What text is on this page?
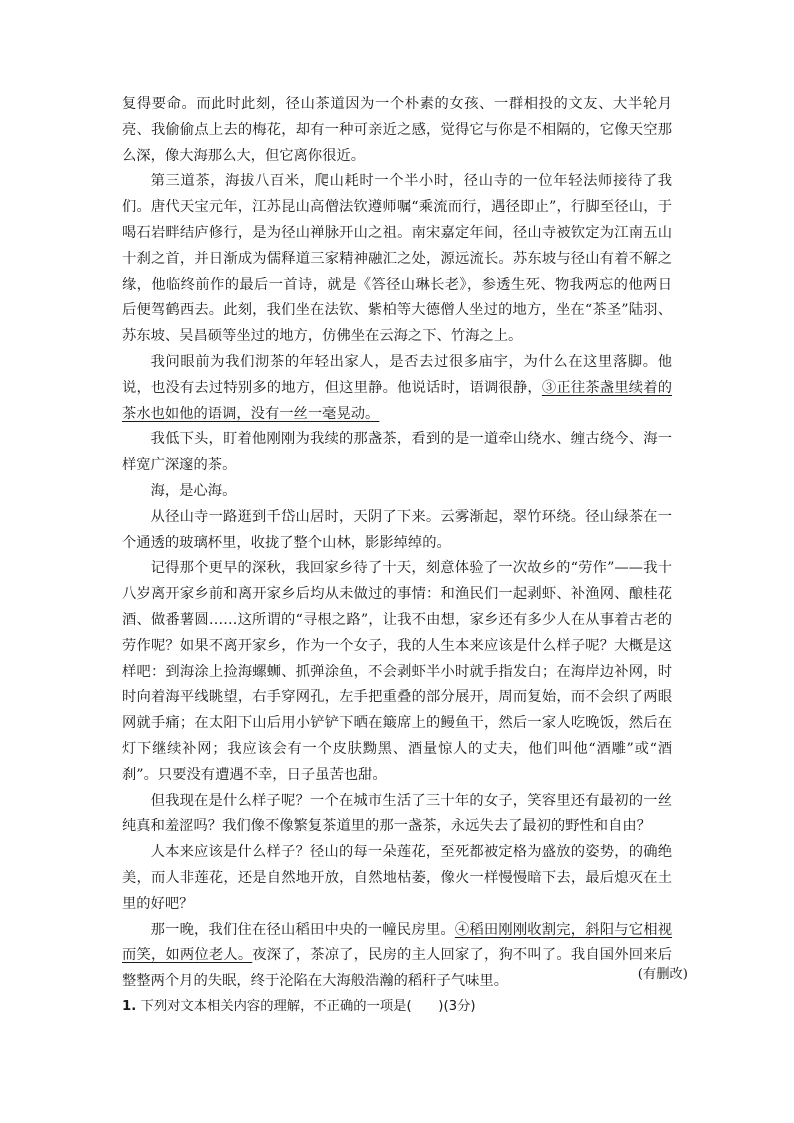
复得要命。而此时此刻，径山茶道因为一个朴素的女孩、一群相投的文友、大半轮月亮、我偷偷点上去的梅花，却有一种可亲近之感，觉得它与你是不相隔的，它像天空那么深，像大海那么大，但它离你很近。

第三道茶，海拔八百米，爬山耗时一个半小时，径山寺的一位年轻法师接待了我们。唐代天宝元年，江苏昆山高僧法钦遵师嘱“乘流而行，遇径即止”，行脚至径山，于喝石岩畔结庐修行，是为径山禅脉开山之祖。南宋嘉定年间，径山寺被钦定为江南五山十刹之首，并日渐成为儒释道三家精神融汇之处，源远流长。苏东坡与径山有着不解之缘，他临终前作的最后一首诗，就是《答径山琳长老》，参透生死、物我两忘的他两日后便驾鹤西去。此刻，我们坐在法钦、紫柏等大德僧人坐过的地方，坐在“茶圣”陆羽、苏东坡、吴昌硕等坐过的地方，仿佛坐在云海之下、竹海之上。

我问眼前为我们沏茶的年轻出家人，是否去过很多庙宇，为什么在这里落脚。他说，也没有去过特别多的地方，但这里静。他说话时，语调很静，③正往茶盏里续着的茶水也如他的语调，没有一丝一毫晃动。

我低下头，盯着他刚刚为我续的那盏茶，看到的是一道牵山绕水、缠古绕今、海一样宽广深邃的茶。

海，是心海。

从径山寺一路逛到千岱山居时，天阴了下来。云雾渐起，翠竹环绕。径山绿茶在一个通透的玻璃杯里，收拢了整个山林，影影绰绰的。

记得那个更早的深秋，我回家乡待了十天，刻意体验了一次故乡的“劳作”——我十八岁离开家乡前和离开家乡后均从未做过的事情：和渔民们一起剥虾、补渔网、酿桂花酒、做番薯圆……这所谓的“寻根之路”，让我不由想，家乡还有多少人在从事着古老的劳作呢？如果不离开家乡，作为一个女子，我的人生本来应该是什么样子呢？大概是这样吧：到海涂上捡海螺蛳、抓弹涂鱼，不会剥虾半小时就手指发白；在海岸边补网，时时向着海平线眺望，右手穿网孔，左手把重叠的部分展开，周而复始，而不会织了两眼网就手痛；在太阳下山后用小铲铲下晒在簸席上的鳗鱼干，然后一家人吃晚饭，然后在灯下继续补网；我应该会有一个皮肤黝黑、酒量惊人的丈夫，他们叫他“酒雕”或“酒刹”。只要没有遭遇不幸，日子虽苦也甜。

但我现在是什么样子呢？一个在城市生活了三十年的女子，笑容里还有最初的一丝纯真和羞涩吗？我们像不像繁复茶道里的那一盏茶，永远失去了最初的野性和自由？

人本来应该是什么样子？径山的每一朵莲花，至死都被定格为盛放的姿势，的确绝美，而人非莲花，还是自然地开放，自然地枯萎，像火一样慢慢暗下去，最后熄灭在土里的好吧？

那一晚，我们住在径山稻田中央的一幢民房里。④稻田刚刚收割完，斜阳与它相视而笑，如两位老人。夜深了，茶凉了，民房的主人回家了，狗不叫了。我自国外回来后整整两个月的失眠，终于沦陷在大海般浩瀚的稻秆子气味里。	(有删改)
1. 下列对文本相关内容的理解，不正确的一项是(　　)(3分)
